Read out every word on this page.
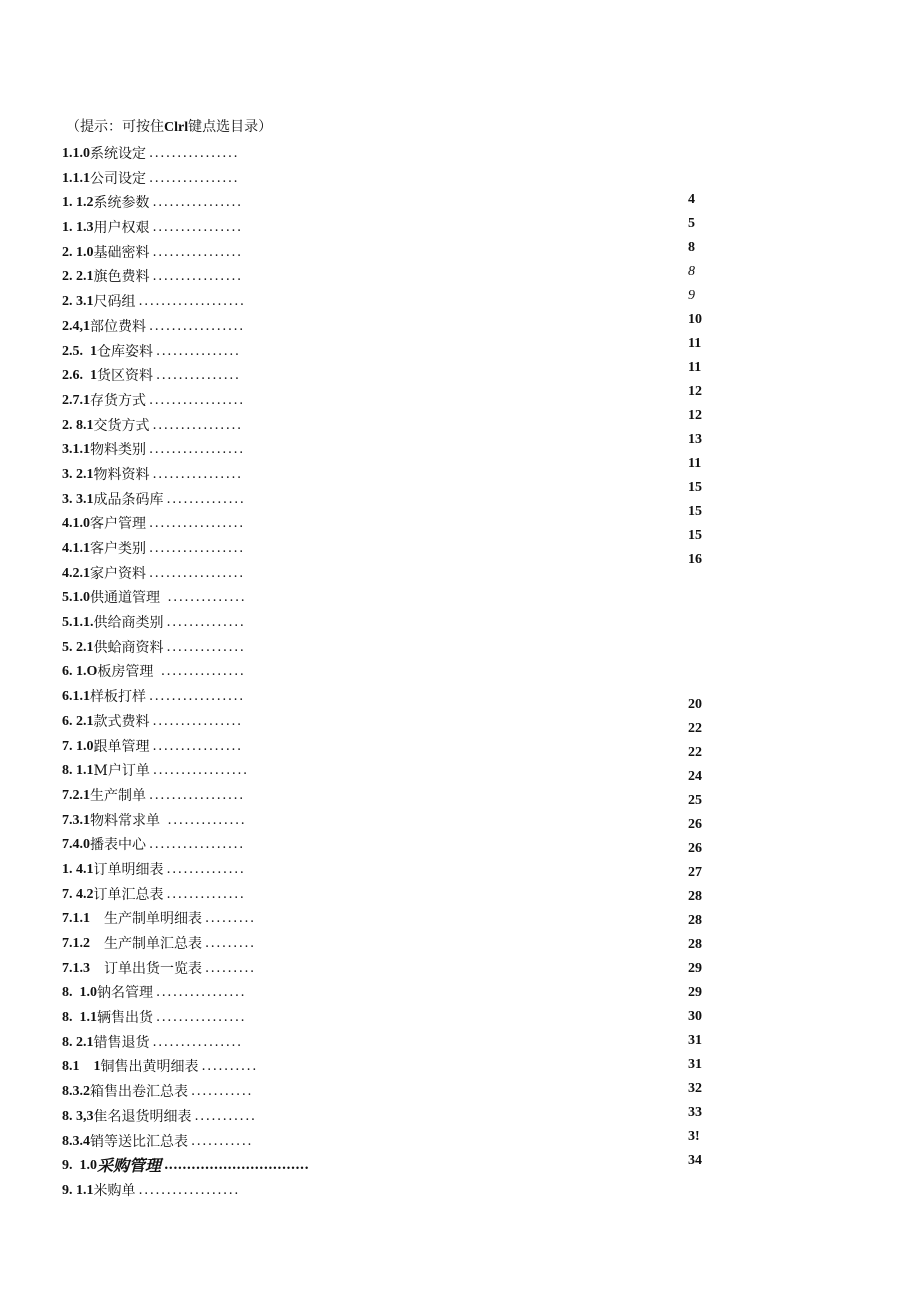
（提示：可按住Clrl键点选目录）
1.1.0 系统设定 ................
1.1.1 公司设定 ................
1. 1.2 系统参数 ................
1. 1.3 用户权艰 ................
2. 1.0 基础密料 ................
2. 2.1 旗色费料 ................
2. 3.1 尺码组 ...................
2.4,1 部位费料 .................
2.5.  1 仓库姿料 ...............
2.6.  1 货区资料 ...............
2.7.1 存货方式 .................
2. 8.1 交货方式 ................
3.1.1 物料类别 .................
3. 2.1 物料资料 ................
3. 3.1 成品条码库 ..............
4.1.0 客户管理 .................
4.1.1 客户类别 .................
4.2.1 家户资料 .................
5.1.0 供通道管理 ..............
5.1.1. 供给商类别 ..............
5. 2.1 供蛤商资料 ..............
6. 1.O 板房管理 ...............
6.1.1 样板打样 .................
6. 2.1 款式费料 ................
7. 1.0 跟单管理 ................
8. 1.1 M户订单 .................
7.2.1 生产制单 .................
7.3.1 物料常求单 ..............
7.4.0 播表中心 .................
1. 4.1 订单明细表 ..............
7. 4.2 订单汇总表 ..............
7.1.1 　生产制单明细表 .........
7.1.2 　生产制单汇总表 .........
7.1.3 　订单出货一览表 .........
8.  1.0 钠名管理 ................
8.  1.1 辆售出货 ................
8. 2.1 错售退货 ................
8.1    1 铜售出黄明细表 ..........
8.3.2 箱售出卷汇总表 ...........
8. 3,3 隹名退货明细表 ...........
8.3.4 销等送比汇总表 ...........
9.  1.0 采购管理 ................................
9. 1.1 米购单 ..................
4
5
8
8
9
10
11
11
12
12
13
11
15
15
15
16
20
22
22
24
25
26
26
27
28
28
28
29
29
30
31
31
32
33
3!
34
